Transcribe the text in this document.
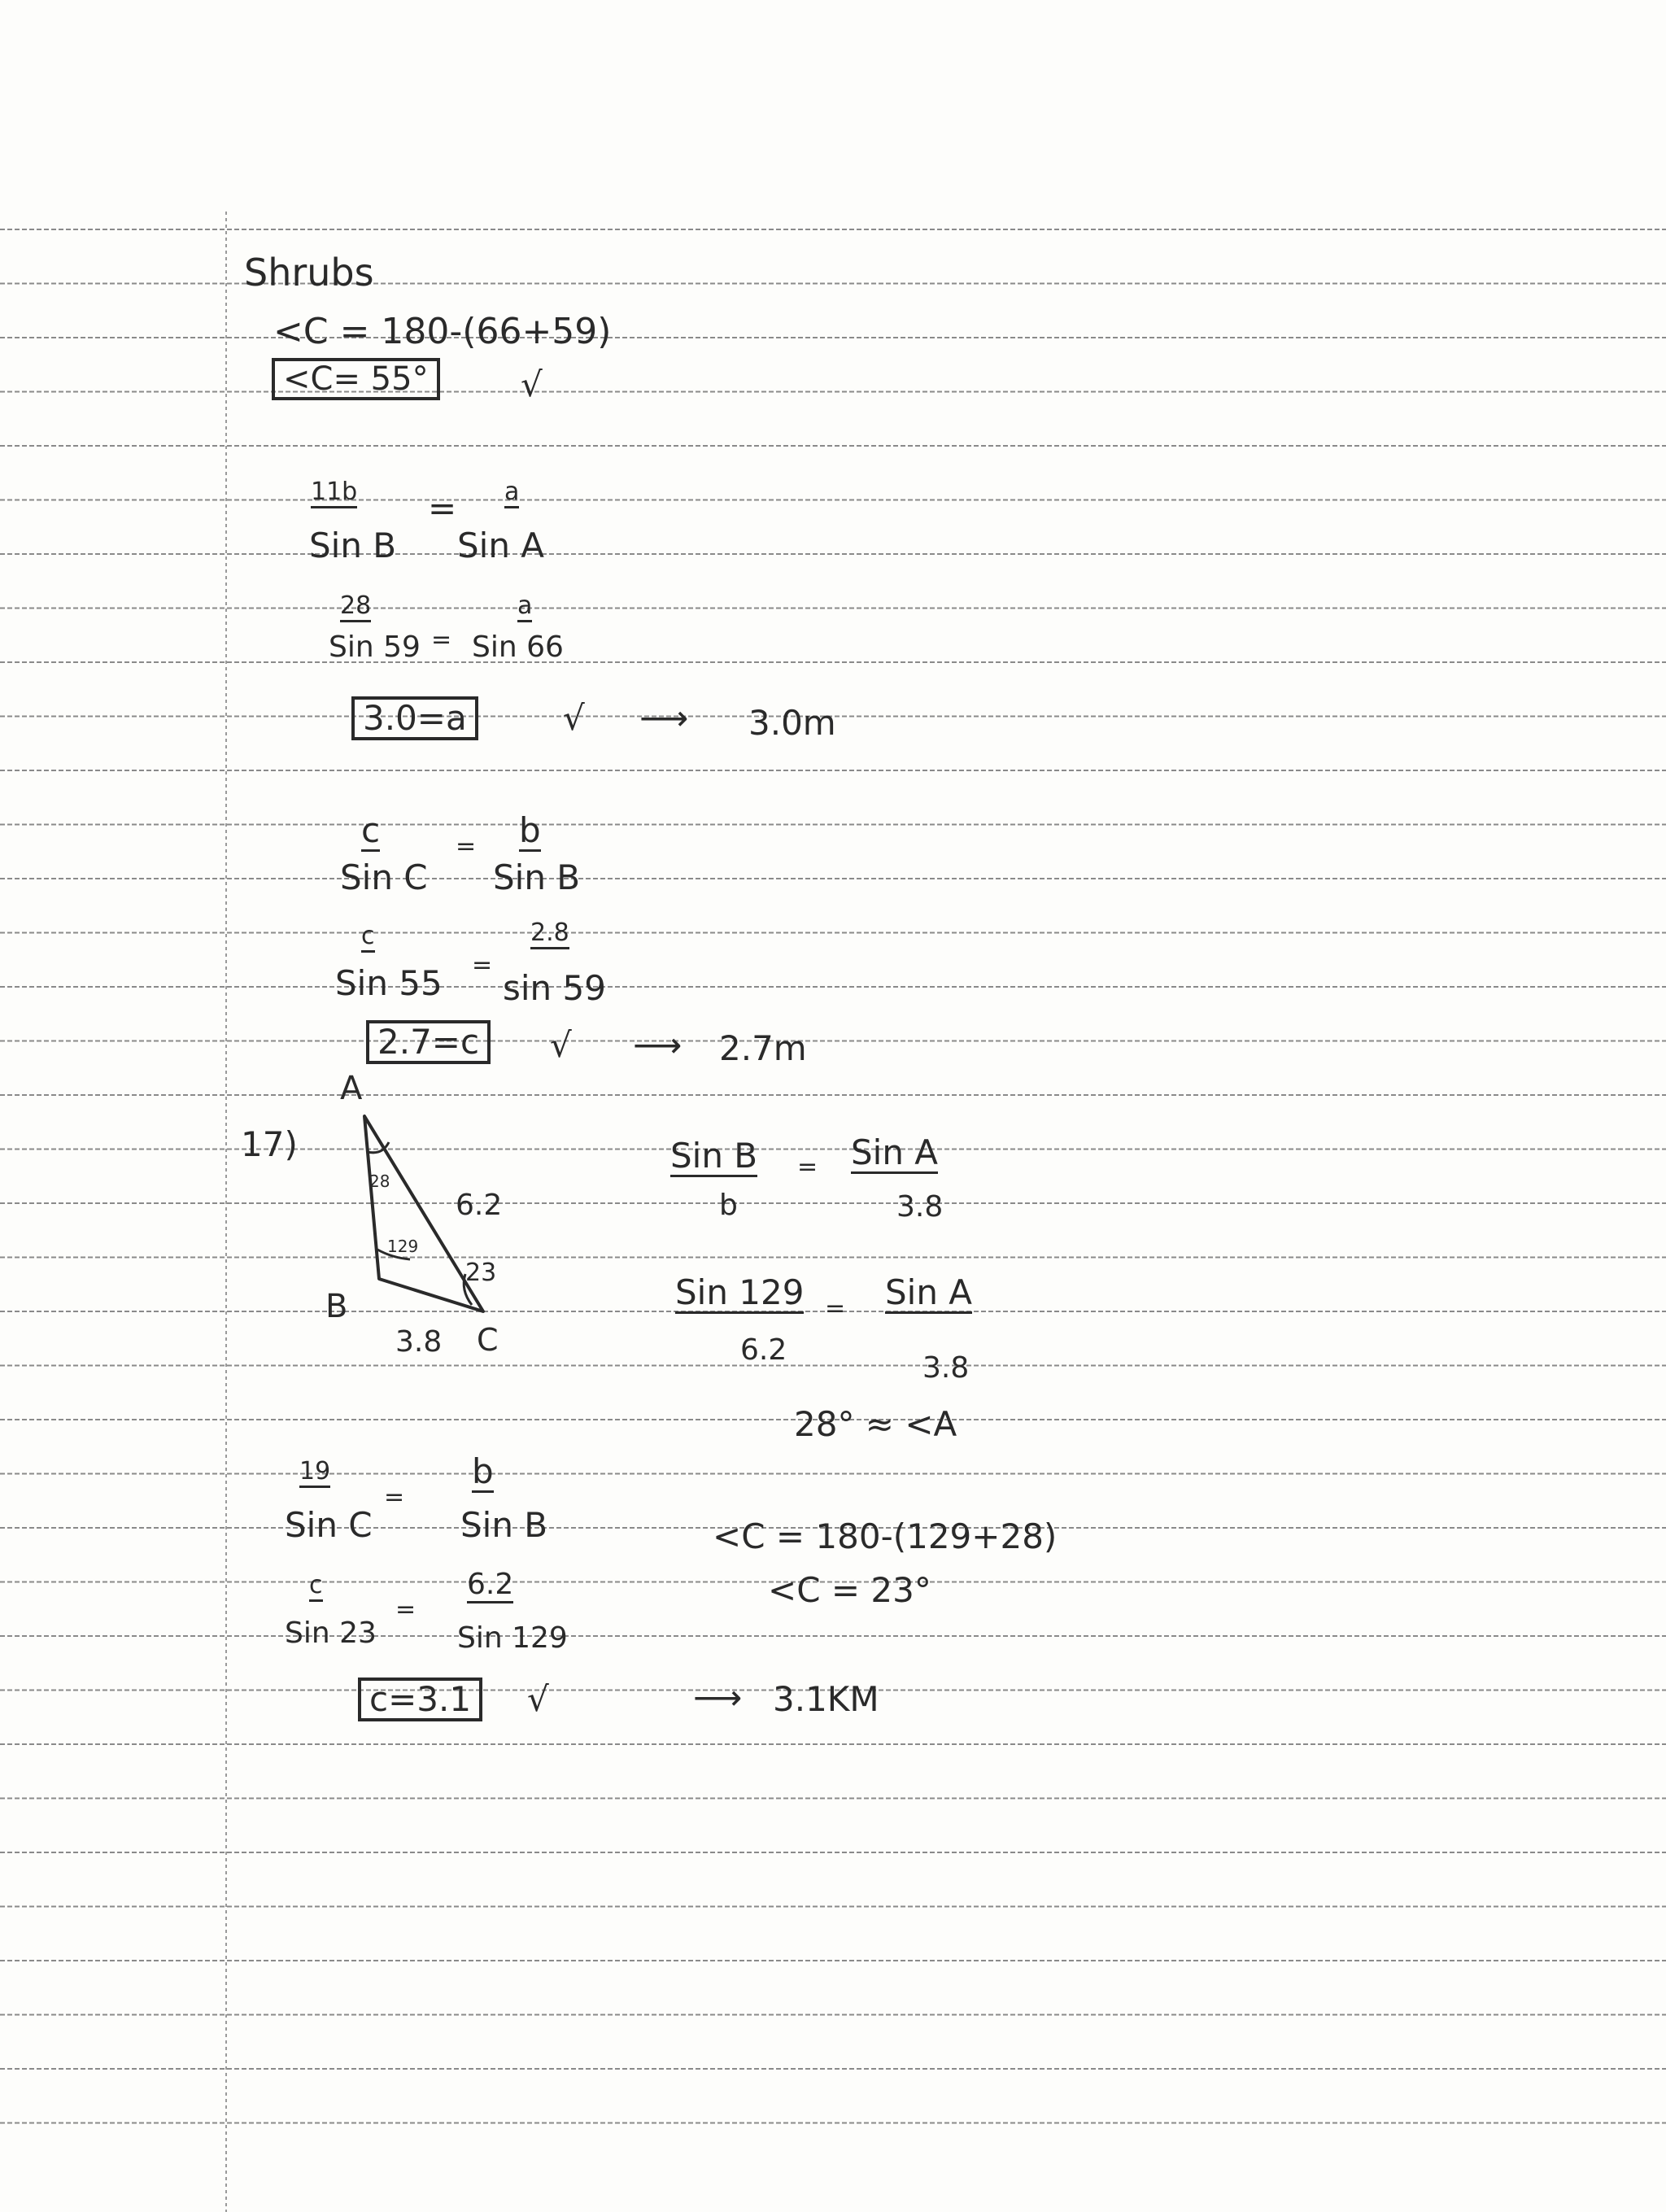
Shrubs
<C = 180-(66+59)
<C= 55°	√
11b = a
Sin B Sin A
28	a
=
Sin 59 Sin 66
3.0=a	√ ⟶ 3.0m
c	= b
Sin C Sin B
c
=
2.8
Sin 55 sin 59
2.7=c	√ ⟶ 2.7m
17)
A
B
C
28
129
23
6.2
3.8
Sin B = Sin A
b	3.8
Sin 129 = Sin A
6.2
3.8
28° ≈ <A
19
=
b
Sin C	Sin B	<C = 180-(129+28)
<C = 23°
c
=
6.2
Sin 23	Sin 129
c=3.1	√	⟶ 3.1KM
